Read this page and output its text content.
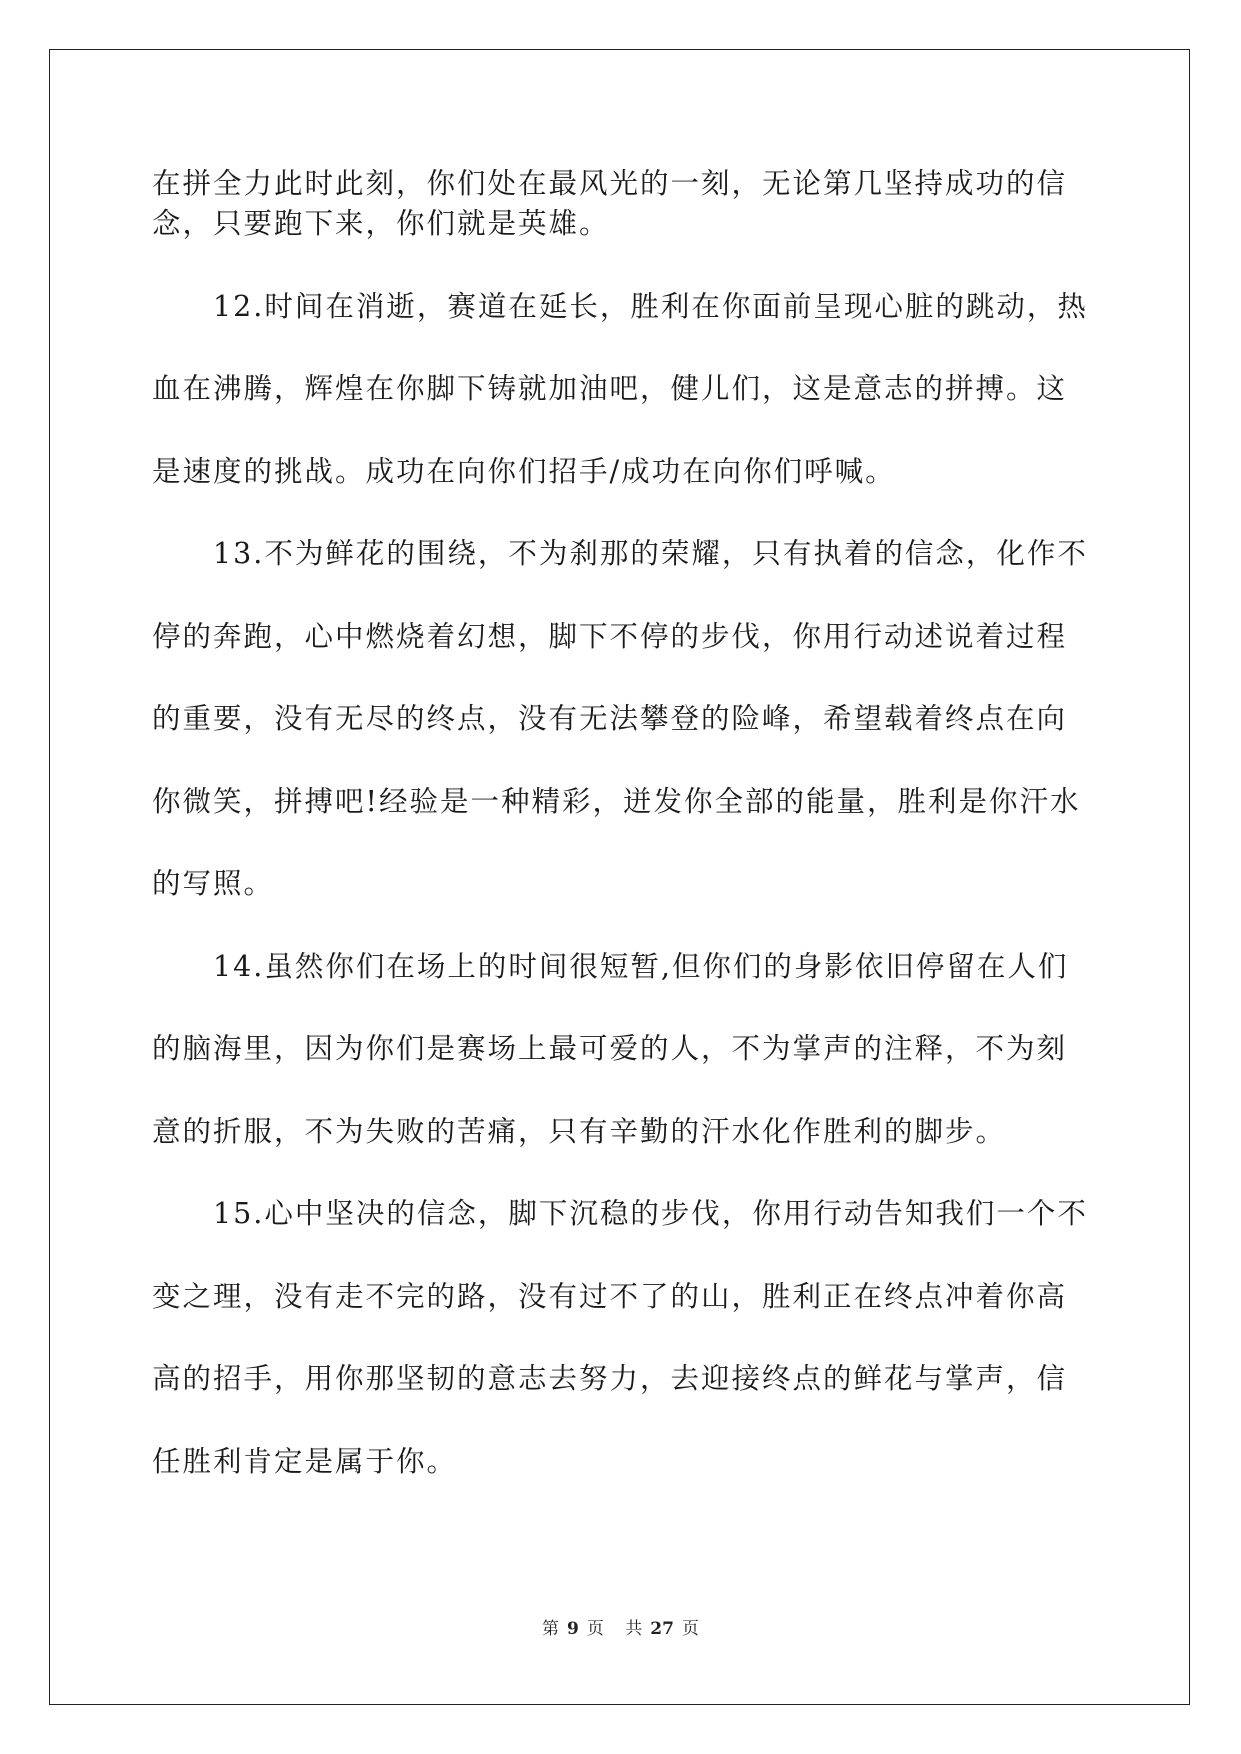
在拼全力此时此刻，你们处在最风光的一刻，无论第几坚持成功的信
念，只要跑下来，你们就是英雄。
　　12.时间在消逝，赛道在延长，胜利在你面前呈现心脏的跳动，热
血在沸腾，辉煌在你脚下铸就加油吧，健儿们，这是意志的拼搏。这
是速度的挑战。成功在向你们招手/成功在向你们呼喊。
　　13.不为鲜花的围绕，不为刹那的荣耀，只有执着的信念，化作不
停的奔跑，心中燃烧着幻想，脚下不停的步伐，你用行动述说着过程
的重要，没有无尽的终点，没有无法攀登的险峰，希望载着终点在向
你微笑，拼搏吧!经验是一种精彩，迸发你全部的能量，胜利是你汗水
的写照。
　　14.虽然你们在场上的时间很短暂,但你们的身影依旧停留在人们
的脑海里，因为你们是赛场上最可爱的人，不为掌声的注释，不为刻
意的折服，不为失败的苦痛，只有辛勤的汗水化作胜利的脚步。
　　15.心中坚决的信念，脚下沉稳的步伐，你用行动告知我们一个不
变之理，没有走不完的路，没有过不了的山，胜利正在终点冲着你高
高的招手，用你那坚韧的意志去努力，去迎接终点的鲜花与掌声，信
任胜利肯定是属于你。
第 9 页 共 27 页
